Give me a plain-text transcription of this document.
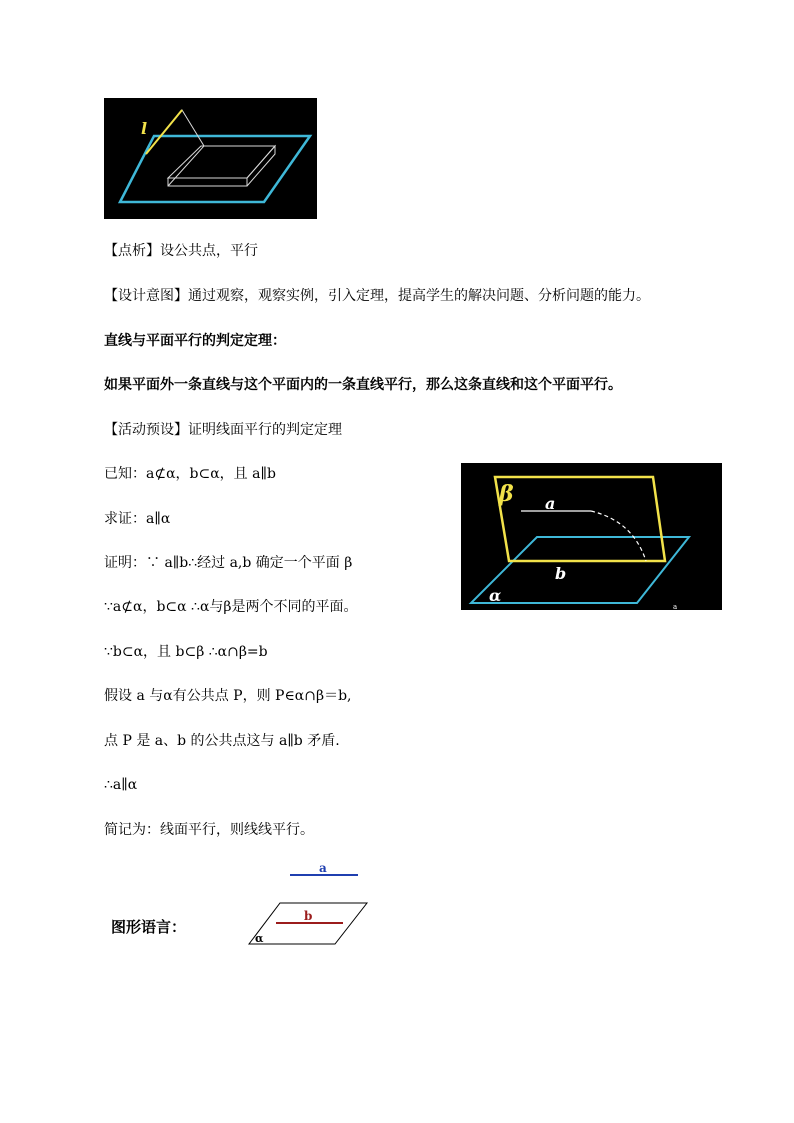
l
【点析】设公共点，平行
【设计意图】通过观察，观察实例，引入定理，提高学生的解决问题、分析问题的能力。
直线与平面平行的判定定理：
如果平面外一条直线与这个平面内的一条直线平行，那么这条直线和这个平面平行。
【活动预设】证明线面平行的判定定理
已知：a⊄α，b⊂α，且 a∥b
求证：a∥α
证明：∵ a∥b∴经过 a,b 确定一个平面 β
∵a⊄α，b⊂α ∴α与β是两个不同的平面。
∵b⊂α，且 b⊂β ∴α∩β=b
假设 a 与α有公共点 P，则 P∈α∩β＝b,
点 P 是 a、b 的公共点这与 a∥b 矛盾.
∴a∥α
简记为：线面平行，则线线平行。
β a
b
α
a
图形语言：
a
b
α
